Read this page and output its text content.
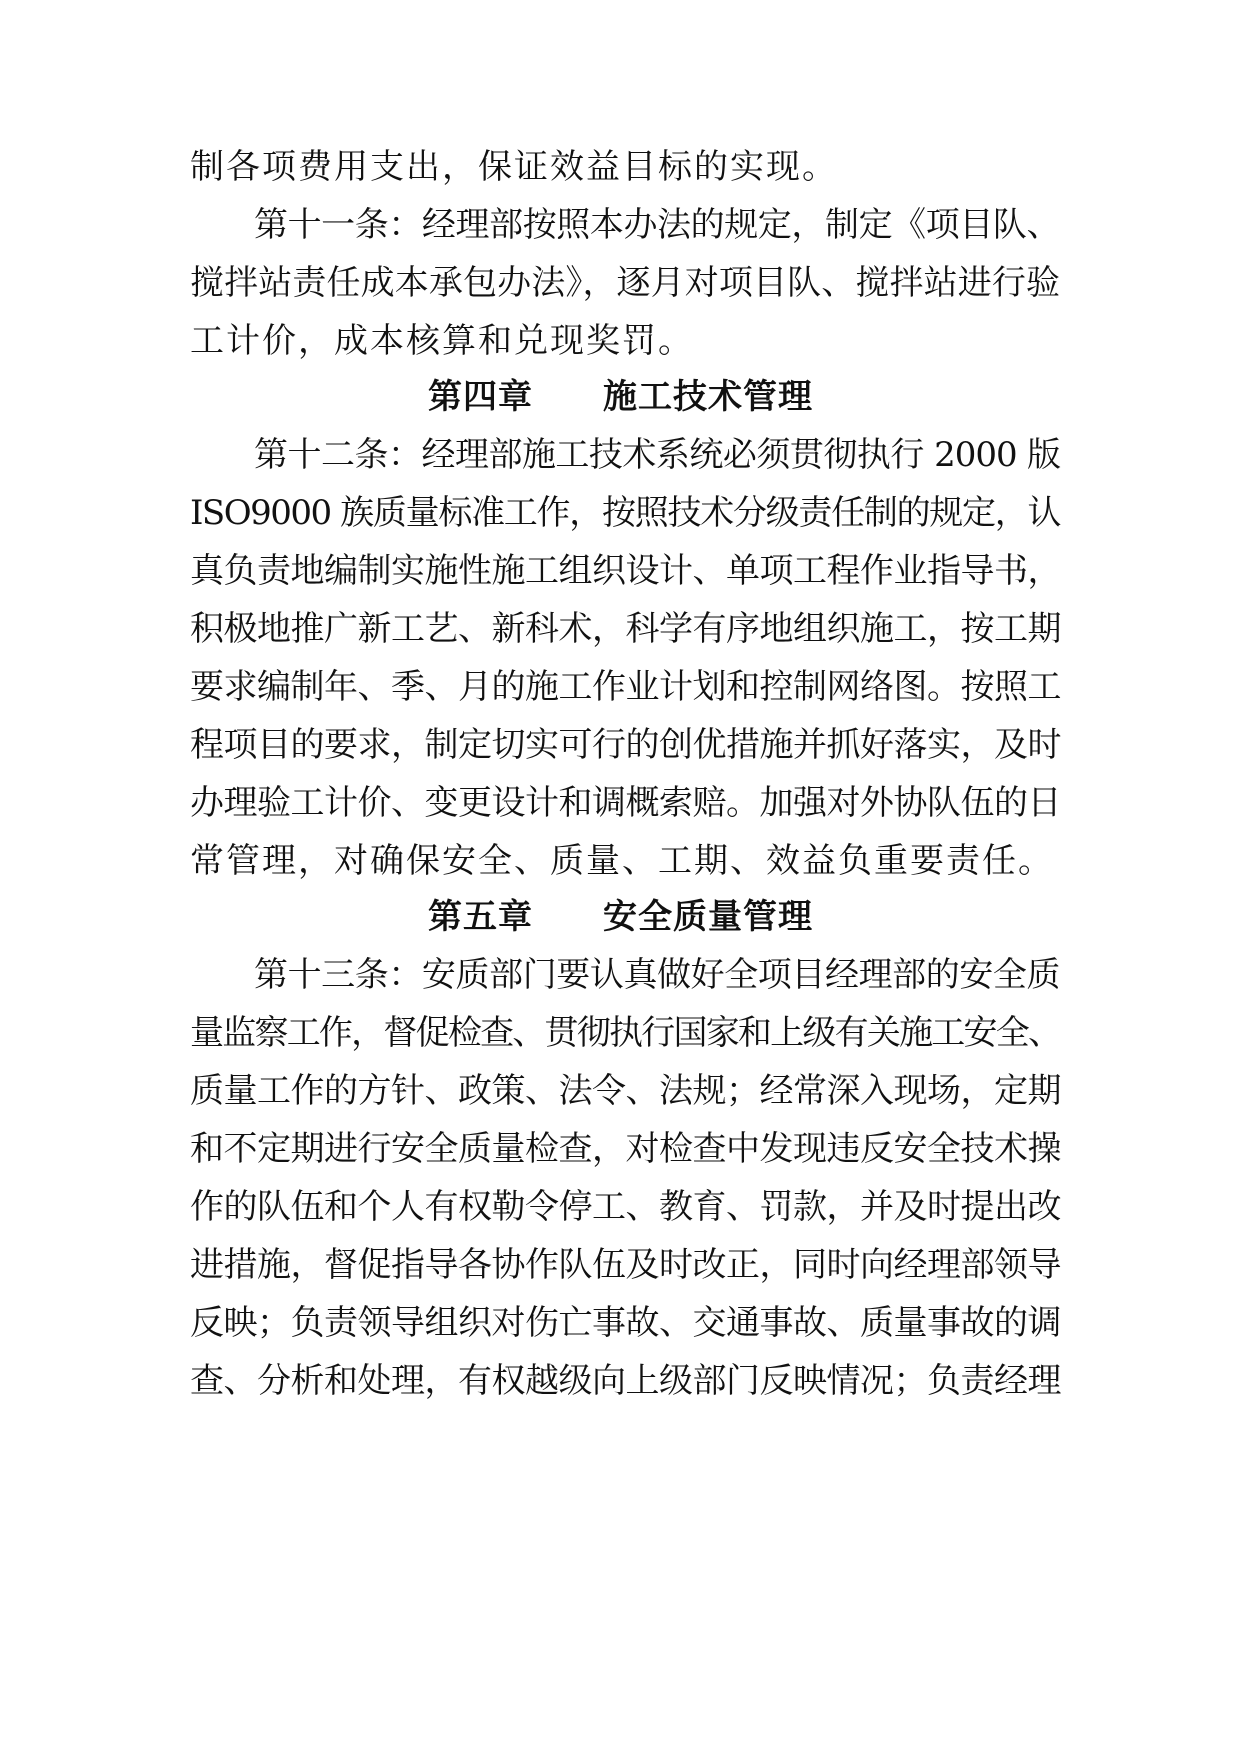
制各项费用支出，保证效益目标的实现。
第十一条：经理部按照本办法的规定，制定《项目队、
搅拌站责任成本承包办法》，逐月对项目队、搅拌站进行验
工计价，成本核算和兑现奖罚。
第四章　　施工技术管理
第十二条：经理部施工技术系统必须贯彻执行 2000 版
ISO9000 族质量标准工作，按照技术分级责任制的规定，认
真负责地编制实施性施工组织设计、单项工程作业指导书，
积极地推广新工艺、新科术，科学有序地组织施工，按工期
要求编制年、季、月的施工作业计划和控制网络图。按照工
程项目的要求，制定切实可行的创优措施并抓好落实，及时
办理验工计价、变更设计和调概索赔。加强对外协队伍的日
常管理，对确保安全、质量、工期、效益负重要责任。
第五章　　安全质量管理
第十三条：安质部门要认真做好全项目经理部的安全质
量监察工作，督促检查、贯彻执行国家和上级有关施工安全、
质量工作的方针、政策、法令、法规；经常深入现场，定期
和不定期进行安全质量检查，对检查中发现违反安全技术操
作的队伍和个人有权勒令停工、教育、罚款，并及时提出改
进措施，督促指导各协作队伍及时改正，同时向经理部领导
反映；负责领导组织对伤亡事故、交通事故、质量事故的调
查、分析和处理，有权越级向上级部门反映情况；负责经理
